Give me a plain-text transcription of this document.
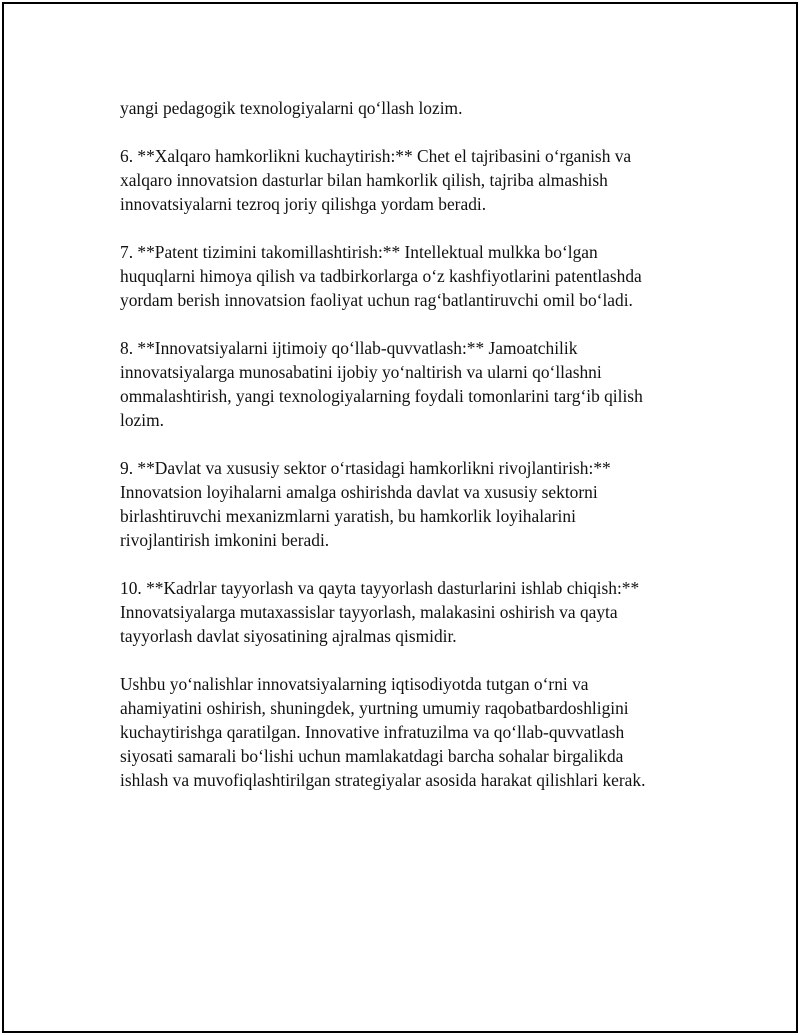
yangi pedagogik texnologiyalarni qo‘llash lozim.

6. **Xalqaro hamkorlikni kuchaytirish:** Chet el tajribasini o‘rganish va
xalqaro innovatsion dasturlar bilan hamkorlik qilish, tajriba almashish
innovatsiyalarni tezroq joriy qilishga yordam beradi.

7. **Patent tizimini takomillashtirish:** Intellektual mulkka bo‘lgan
huquqlarni himoya qilish va tadbirkorlarga o‘z kashfiyotlarini patentlashda
yordam berish innovatsion faoliyat uchun rag‘batlantiruvchi omil bo‘ladi.

8. **Innovatsiyalarni ijtimoiy qo‘llab-quvvatlash:** Jamoatchilik
innovatsiyalarga munosabatini ijobiy yo‘naltirish va ularni qo‘llashni
ommalashtirish, yangi texnologiyalarning foydali tomonlarini targ‘ib qilish
lozim.

9. **Davlat va xususiy sektor o‘rtasidagi hamkorlikni rivojlantirish:**
Innovatsion loyihalarni amalga oshirishda davlat va xususiy sektorni
birlashtiruvchi mexanizmlarni yaratish, bu hamkorlik loyihalarini
rivojlantirish imkonini beradi.

10. **Kadrlar tayyorlash va qayta tayyorlash dasturlarini ishlab chiqish:**
Innovatsiyalarga mutaxassislar tayyorlash, malakasini oshirish va qayta
tayyorlash davlat siyosatining ajralmas qismidir.

Ushbu yo‘nalishlar innovatsiyalarning iqtisodiyotda tutgan o‘rni va
ahamiyatini oshirish, shuningdek, yurtning umumiy raqobatbardoshligini
kuchaytirishga qaratilgan. Innovative infratuzilma va qo‘llab-quvvatlash
siyosati samarali bo‘lishi uchun mamlakatdagi barcha sohalar birgalikda
ishlash va muvofiqlashtirilgan strategiyalar asosida harakat qilishlari kerak.
